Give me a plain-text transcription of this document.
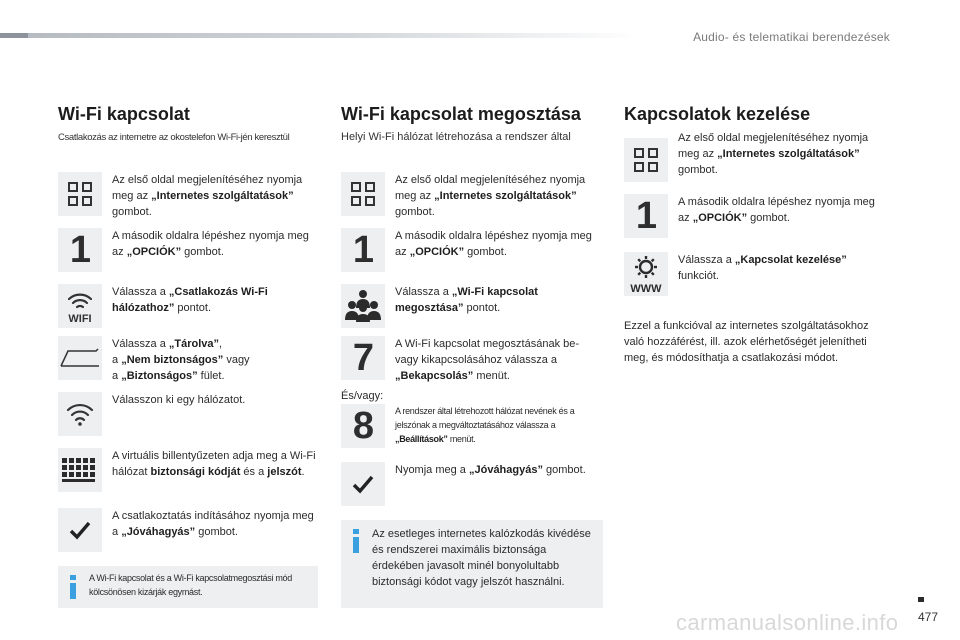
Audio- és telematikai berendezések
Wi-Fi kapcsolat
Csatlakozás az internetre az okostelefon Wi-Fi-jén keresztül
Az első oldal megjelenítéséhez nyomja meg az „Internetes szolgáltatások” gombot.
1	A második oldalra lépéshez nyomja meg az „OPCIÓK” gombot.
WIFI
Válassza a „Csatlakozás Wi-Fi hálózathoz” pontot.
Válassza a „Tárolva”,
a „Nem biztonságos” vagy
a „Biztonságos” fület.
Válasszon ki egy hálózatot.
A virtuális billentyűzeten adja meg a Wi-Fi hálózat biztonsági kódját és a jelszót.
A csatlakoztatás indításához nyomja meg a „Jóváhagyás” gombot.
A Wi-Fi kapcsolat és a Wi-Fi kapcsolatmegosztási mód kölcsönösen kizárják egymást.
Wi-Fi kapcsolat megosztása
Helyi Wi-Fi hálózat létrehozása a rendszer által
Az első oldal megjelenítéséhez nyomja meg az „Internetes szolgáltatások” gombot.
1	A második oldalra lépéshez nyomja meg az „OPCIÓK” gombot.
Válassza a „Wi-Fi kapcsolat megosztása” pontot.
7	A Wi-Fi kapcsolat megosztásának be- vagy kikapcsolásához válassza a „Bekapcsolás” menüt.
És/vagy:
8	A rendszer által létrehozott hálózat nevének és a jelszónak a megváltoztatásához válassza a „Beállítások” menüt.
Nyomja meg a „Jóváhagyás” gombot.
Az esetleges internetes kalózkodás kivédése és rendszerei maximális biztonsága érdekében javasolt minél bonyolultabb biztonsági kódot vagy jelszót használni.
Kapcsolatok kezelése
Az első oldal megjelenítéséhez nyomja meg az „Internetes szolgáltatások” gombot.
1	A második oldalra lépéshez nyomja meg az „OPCIÓK” gombot.
WWW
Válassza a „Kapcsolat kezelése” funkciót.
Ezzel a funkcióval az internetes szolgáltatásokhoz való hozzáférést, ill. azok elérhetőségét jelenítheti meg, és módosíthatja a csatlakozási módot.
477
carmanualsonline.info
